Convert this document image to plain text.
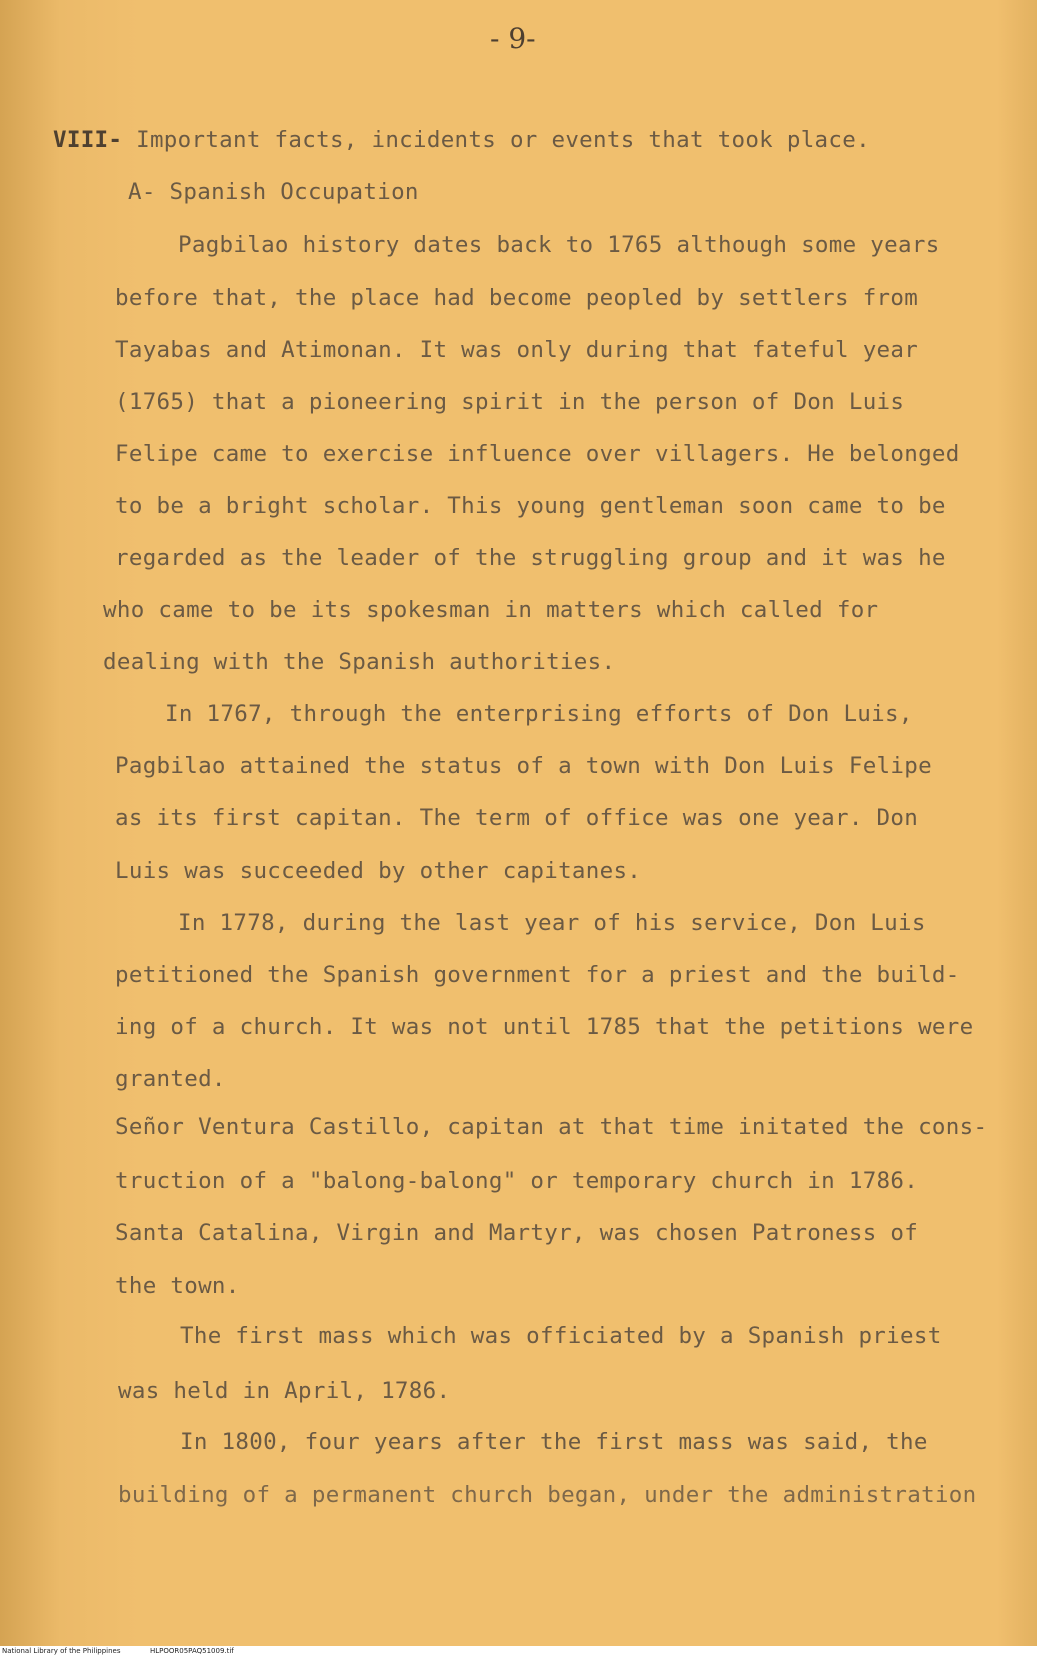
- 9-
VIII- Important facts, incidents or events that took place.
A- Spanish Occupation
Pagbilao history dates back to 1765 although some years
before that, the place had become peopled by settlers from
Tayabas and Atimonan. It was only during that fateful year
(1765) that a pioneering spirit in the person of Don Luis
Felipe came to exercise influence over villagers. He belonged
to be a bright scholar. This young gentleman soon came to be
regarded as the leader of the struggling group and it was he
who came to be its spokesman in matters which called for
dealing with the Spanish authorities.
In 1767, through the enterprising efforts of Don Luis,
Pagbilao attained the status of a town with Don Luis Felipe
as its first capitan. The term of office was one year. Don
Luis was succeeded by other capitanes.
In 1778, during the last year of his service, Don Luis
petitioned the Spanish government for a priest and the build-
ing of a church. It was not until 1785 that the petitions were
granted.
Señor Ventura Castillo, capitan at that time initated the cons-
truction of a "balong-balong" or temporary church in 1786.
Santa Catalina, Virgin and Martyr, was chosen Patroness of
the town.
The first mass which was officiated by a Spanish priest
was held in April, 1786.
In 1800, four years after the first mass was said, the
building of a permanent church began, under the administration
National Library of the Philippines	HLPOOR05PAQ51009.tif
